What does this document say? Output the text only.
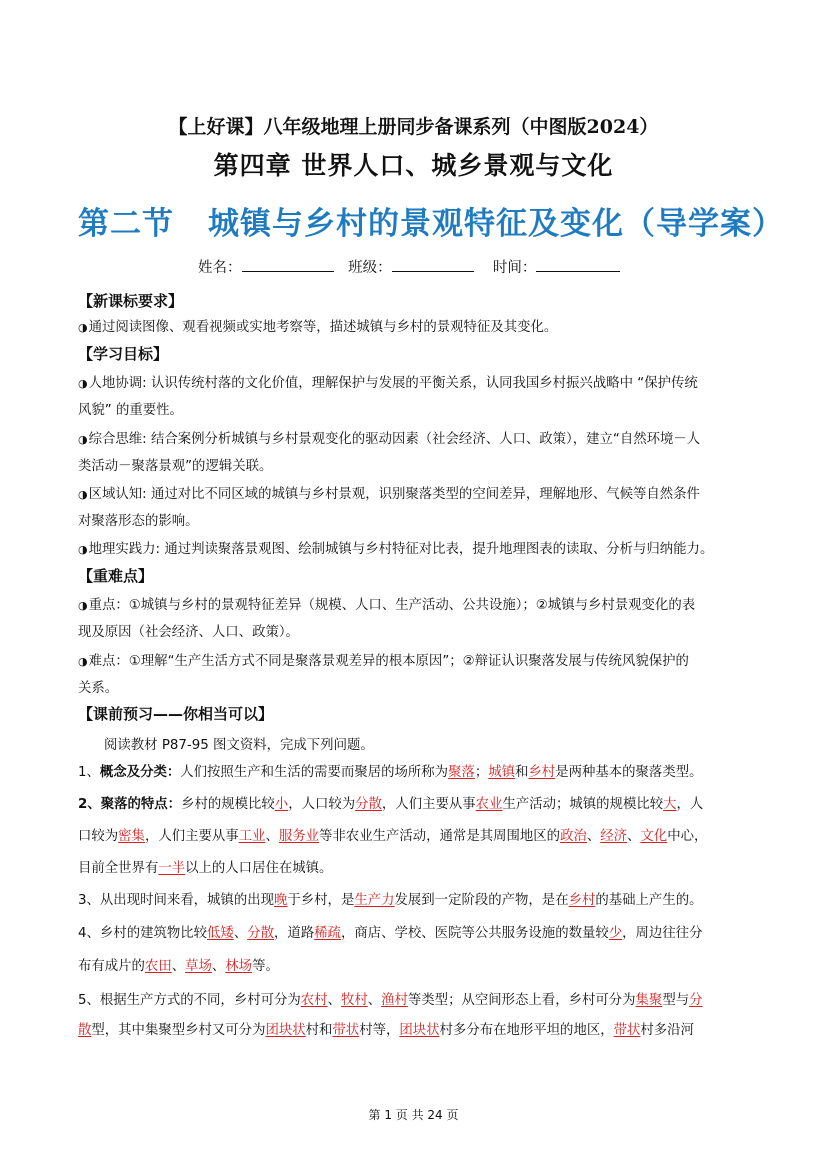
【上好课】八年级地理上册同步备课系列（中图版2024）
第四章 世界人口、城乡景观与文化
第二节 城镇与乡村的景观特征及变化（导学案）
姓名：	班级：	时间：
【新课标要求】
◑通过阅读图像、观看视频或实地考察等，描述城镇与乡村的景观特征及其变化。
【学习目标】
◑人地协调: 认识传统村落的文化价值，理解保护与发展的平衡关系，认同我国乡村振兴战略中 “保护传统
风貌” 的重要性。
◑综合思维: 结合案例分析城镇与乡村景观变化的驱动因素（社会经济、人口、政策），建立“自然环境－人
类活动－聚落景观”的逻辑关联。
◑区域认知: 通过对比不同区域的城镇与乡村景观，识别聚落类型的空间差异，理解地形、气候等自然条件
对聚落形态的影响。
◑地理实践力: 通过判读聚落景观图、绘制城镇与乡村特征对比表，提升地理图表的读取、分析与归纳能力。
【重难点】
◑重点：①城镇与乡村的景观特征差异（规模、人口、生产活动、公共设施）；②城镇与乡村景观变化的表
现及原因（社会经济、人口、政策）。
◑难点：①理解“生产生活方式不同是聚落景观差异的根本原因”；②辩证认识聚落发展与传统风貌保护的
关系。
【课前预习——你相当可以】
阅读教材 P87-95 图文资料，完成下列问题。
1、概念及分类：人们按照生产和生活的需要而聚居的场所称为聚落；城镇和乡村是两种基本的聚落类型。
2、聚落的特点：乡村的规模比较小，人口较为分散，人们主要从事农业生产活动；城镇的规模比较大，人
口较为密集，人们主要从事工业、服务业等非农业生产活动，通常是其周围地区的政治、经济、文化中心，
目前全世界有一半以上的人口居住在城镇。
3、从出现时间来看，城镇的出现晚于乡村，是生产力发展到一定阶段的产物，是在乡村的基础上产生的。
4、乡村的建筑物比较低矮、分散，道路稀疏，商店、学校、医院等公共服务设施的数量较少，周边往往分
布有成片的农田、草场、林场等。
5、根据生产方式的不同，乡村可分为农村、牧村、渔村等类型；从空间形态上看，乡村可分为集聚型与分
散型，其中集聚型乡村又可分为团块状村和带状村等，团块状村多分布在地形平坦的地区，带状村多沿河
第 1 页 共 24 页
